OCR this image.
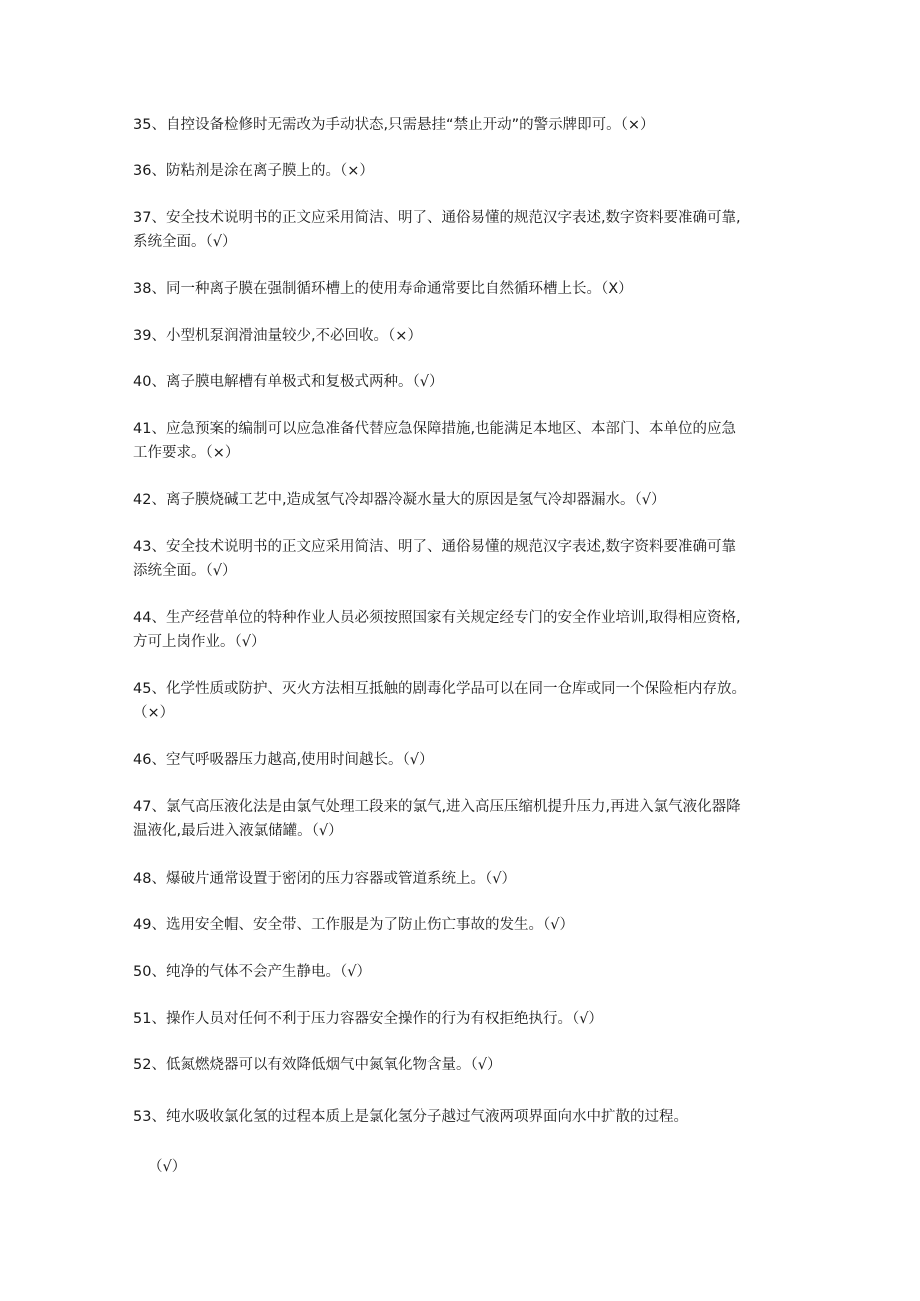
35、自控设备检修时无需改为手动状态,只需悬挂“禁止开动”的警示牌即可。（×）

36、防粘剂是涂在离子膜上的。（×）

37、安全技术说明书的正文应采用简洁、明了、通俗易懂的规范汉字表述,数字资料要准确可靠,
系统全面。（√）

38、同一种离子膜在强制循环槽上的使用寿命通常要比自然循环槽上长。（X）

39、小型机泵润滑油量较少,不必回收。（×）

40、离子膜电解槽有单极式和复极式两种。（√）

41、应急预案的编制可以应急准备代替应急保障措施,也能满足本地区、本部门、本单位的应急
工作要求。（×）

42、离子膜烧碱工艺中,造成氢气冷却器冷凝水量大的原因是氢气冷却器漏水。（√）

43、安全技术说明书的正文应采用简洁、明了、通俗易懂的规范汉字表述,数字资料要准确可靠
添统全面。（√）

44、生产经营单位的特种作业人员必须按照国家有关规定经专门的安全作业培训,取得相应资格,
方可上岗作业。（√）

45、化学性质或防护、灭火方法相互抵触的剧毒化学品可以在同一仓库或同一个保险柜内存放。
（×）

46、空气呼吸器压力越高,使用时间越长。（√）

47、氯气高压液化法是由氯气处理工段来的氯气,进入高压压缩机提升压力,再进入氯气液化器降
温液化,最后进入液氯储罐。（√）

48、爆破片通常设置于密闭的压力容器或管道系统上。（√）

49、选用安全帽、安全带、工作服是为了防止伤亡事故的发生。（√）

50、纯净的气体不会产生静电。（√）

51、操作人员对任何不利于压力容器安全操作的行为有权拒绝执行。（√）

52、低氮燃烧器可以有效降低烟气中氮氧化物含量。（√）

53、纯水吸收氯化氢的过程本质上是氯化氢分子越过气液两项界面向水中扩散的过程。

（√）
